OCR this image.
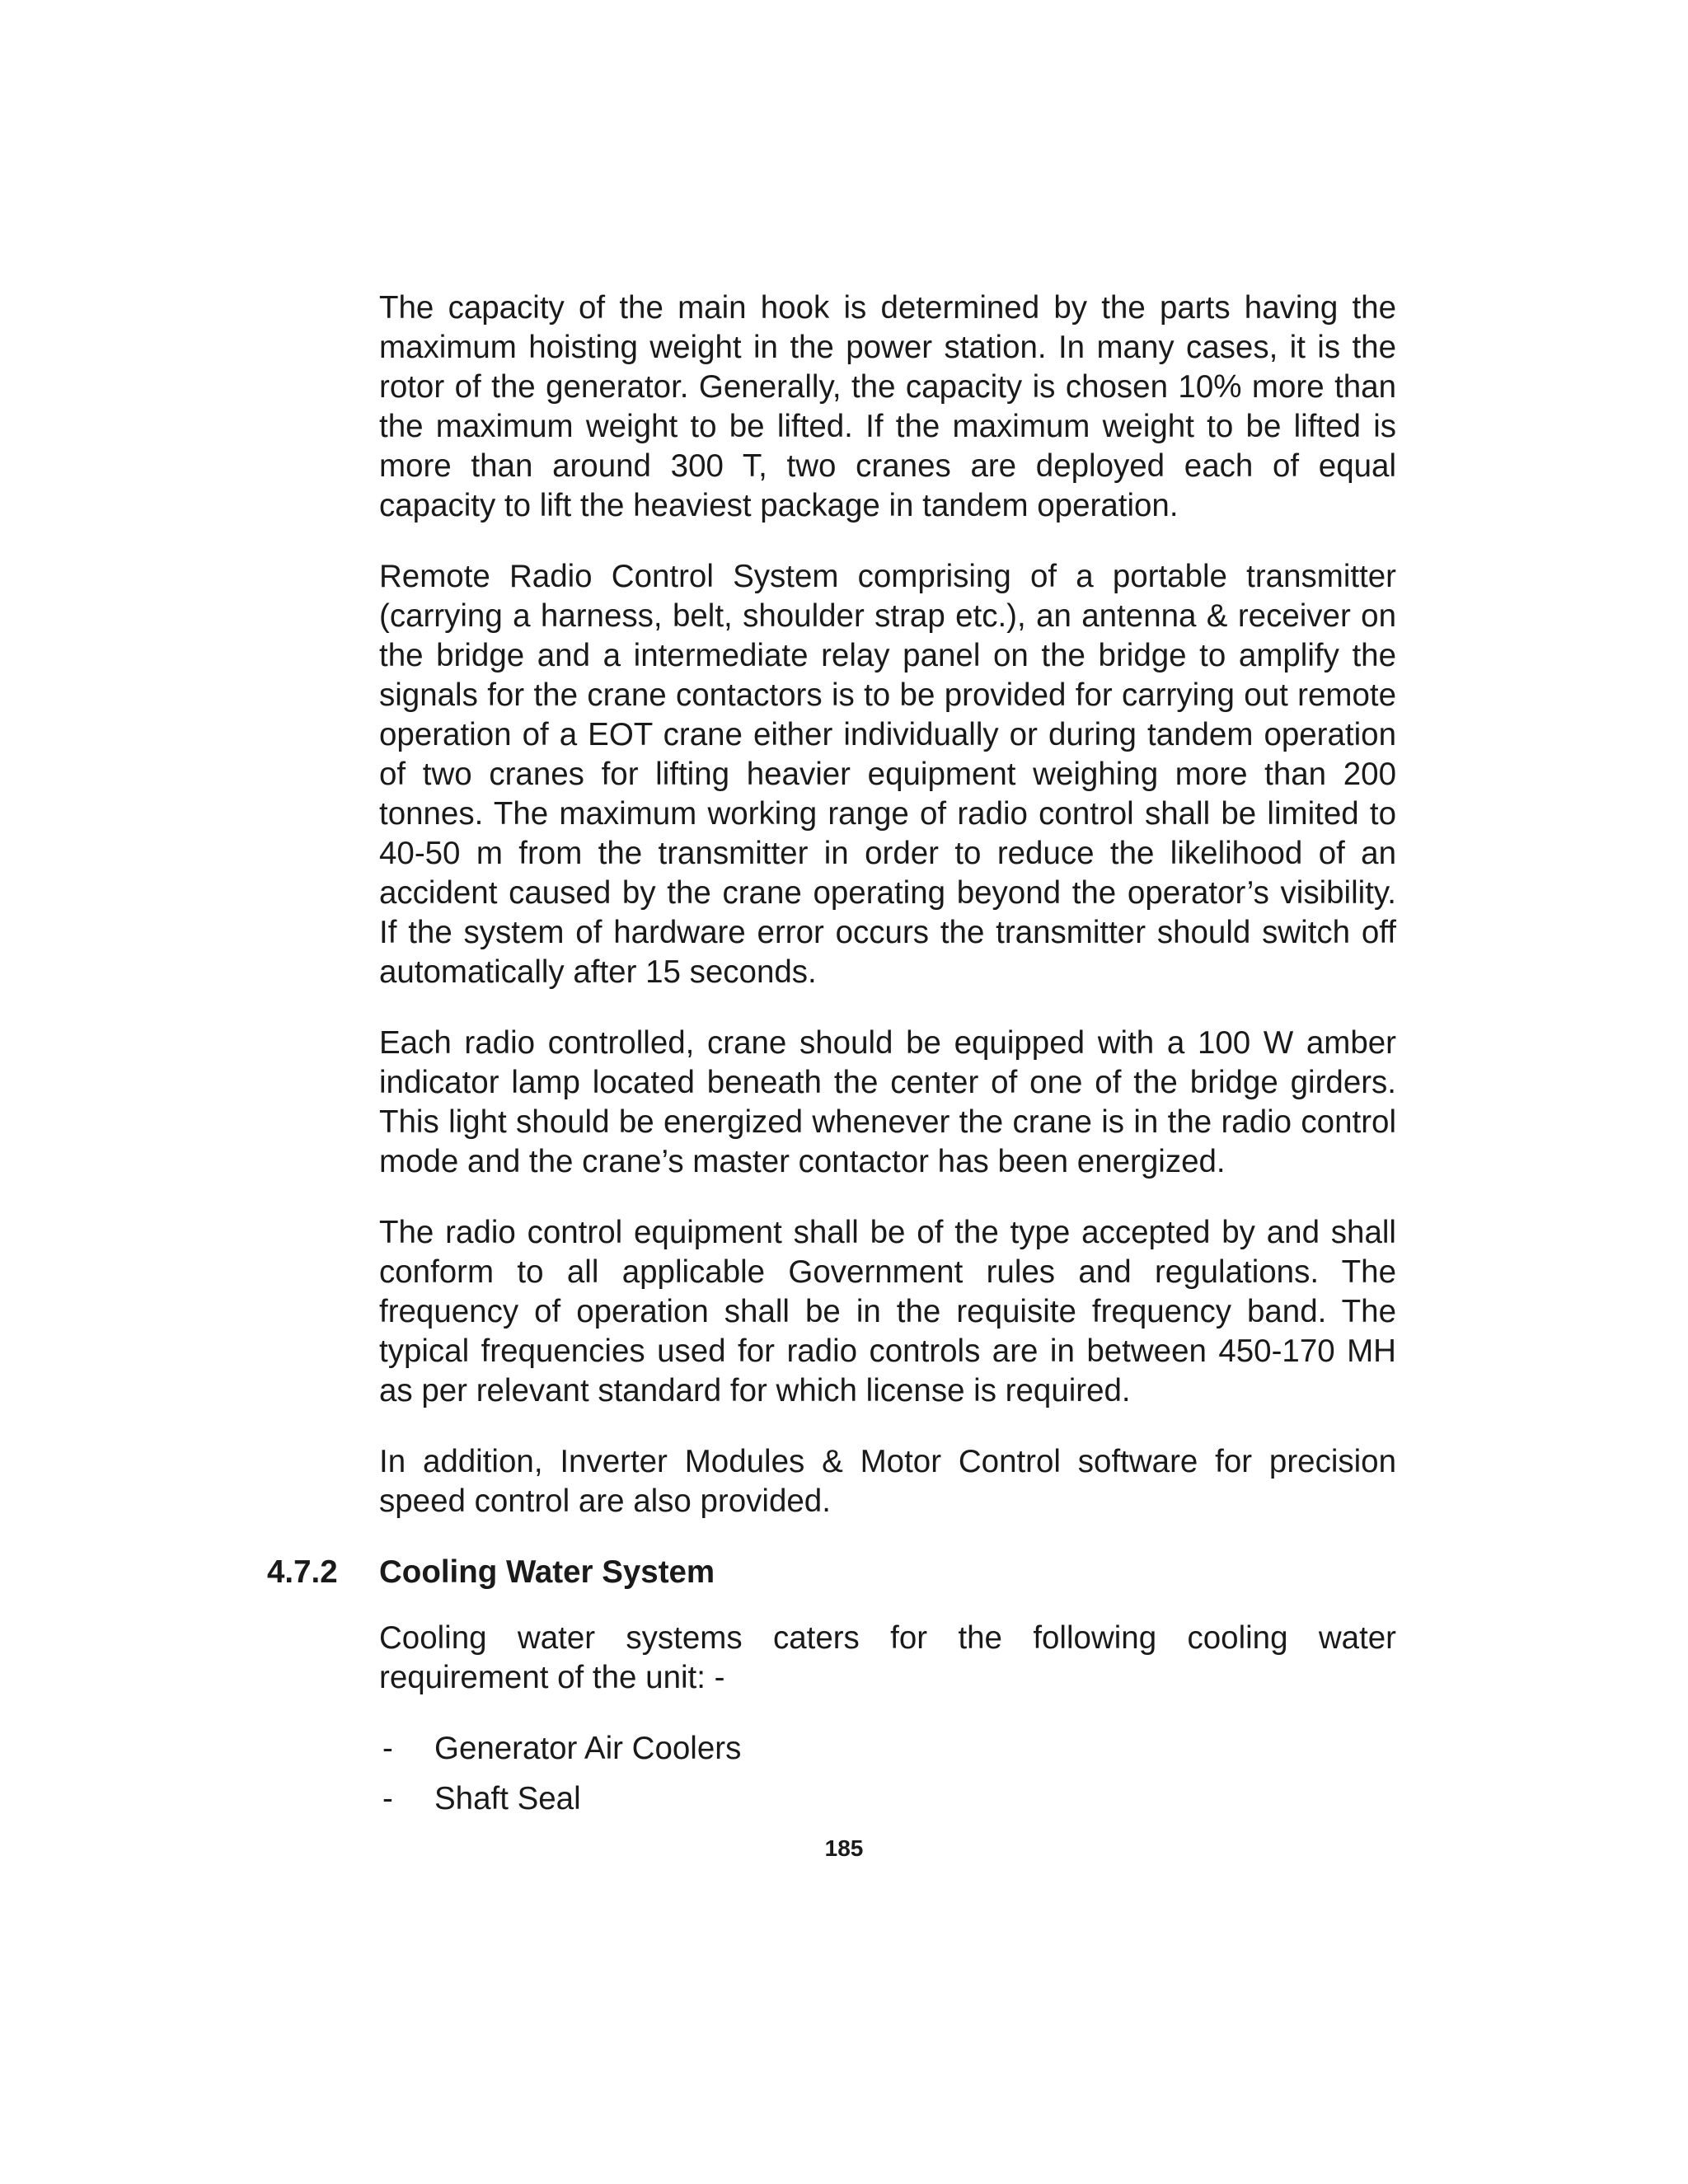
The capacity of the main hook is determined by the parts having the maximum hoisting weight in the power station. In many cases, it is the rotor of the generator. Generally, the capacity is chosen 10% more than the maximum weight to be lifted. If the maximum weight to be lifted is more than around 300 T, two cranes are deployed each of equal capacity to lift the heaviest package in tandem operation.

Remote Radio Control System comprising of a portable transmitter (carrying a harness, belt, shoulder strap etc.), an antenna & receiver on the bridge and a intermediate relay panel on the bridge to amplify the signals for the crane contactors is to be provided for carrying out remote operation of a EOT crane either individually or during tandem operation of two cranes for lifting heavier equipment weighing more than 200 tonnes. The maximum working range of radio control shall be limited to 40-50 m from the transmitter in order to reduce the likelihood of an accident caused by the crane operating beyond the operator’s visibility. If the system of hardware error occurs the transmitter should switch off automatically after 15 seconds.

Each radio controlled, crane should be equipped with a 100 W amber indicator lamp located beneath the center of one of the bridge girders. This light should be energized whenever the crane is in the radio control mode and the crane’s master contactor has been energized.

The radio control equipment shall be of the type accepted by and shall conform to all applicable Government rules and regulations. The frequency of operation shall be in the requisite frequency band. The typical frequencies used for radio controls are in between 450-170 MH as per relevant standard for which license is required.

In addition, Inverter Modules & Motor Control software for precision speed control are also provided.

4.7.2 Cooling Water System

Cooling water systems caters for the following cooling water requirement of the unit: -

- Generator Air Coolers
- Shaft Seal
185
